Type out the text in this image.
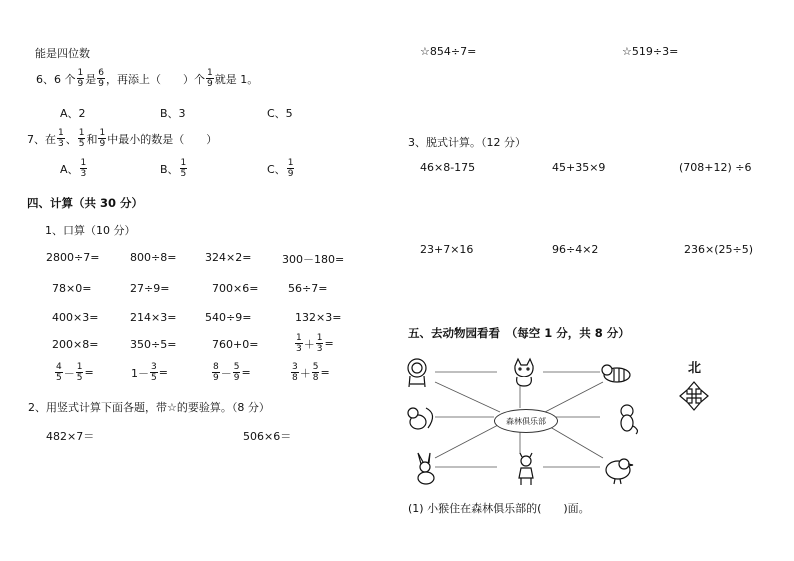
能是四位数
6、6 个 $\frac{1}{9}$ 是 $\frac{6}{9}$ ，再添上（　　）个 $\frac{1}{9}$ 就是 1。
A、2	B、3	C、5
7、在 $\frac{1}{3}$ 、 $\frac{1}{5}$ 和 $\frac{1}{9}$ 中最小的数是（　　）
A、 $\frac{1}{3}$	B、 $\frac{1}{5}$	C、 $\frac{1}{9}$
四、计算（共 30 分）
1、口算（10 分）
2800÷7=	800÷8=	324×2=	300－180=
78×0=	27÷9=	700×6=	56÷7=
400×3=	214×3=	540÷9=	132×3=
200×8=	350÷5=	760+0=	$\frac{1}{3} + \frac{1}{3}$ =
$\frac{4}{5} - \frac{1}{5}$ =	$1- \frac{3}{5}$ =	$\frac{8}{9} - \frac{5}{9}$ =	$\frac{3}{8} + \frac{5}{8}$ =
2、用竖式计算下面各题，带☆的要验算。（8 分）
482×7＝	506×6＝
☆854÷7=	☆519÷3=
3、脱式计算。（12 分）
46×8-175	45+35×9	(708+12) ÷6
23+7×16	96÷4×2	236×(25÷5)
五、去动物园看看　（每空 1 分，共 8 分）
北
森林俱乐部
(1) 小猴住在森林俱乐部的(　　)面。
